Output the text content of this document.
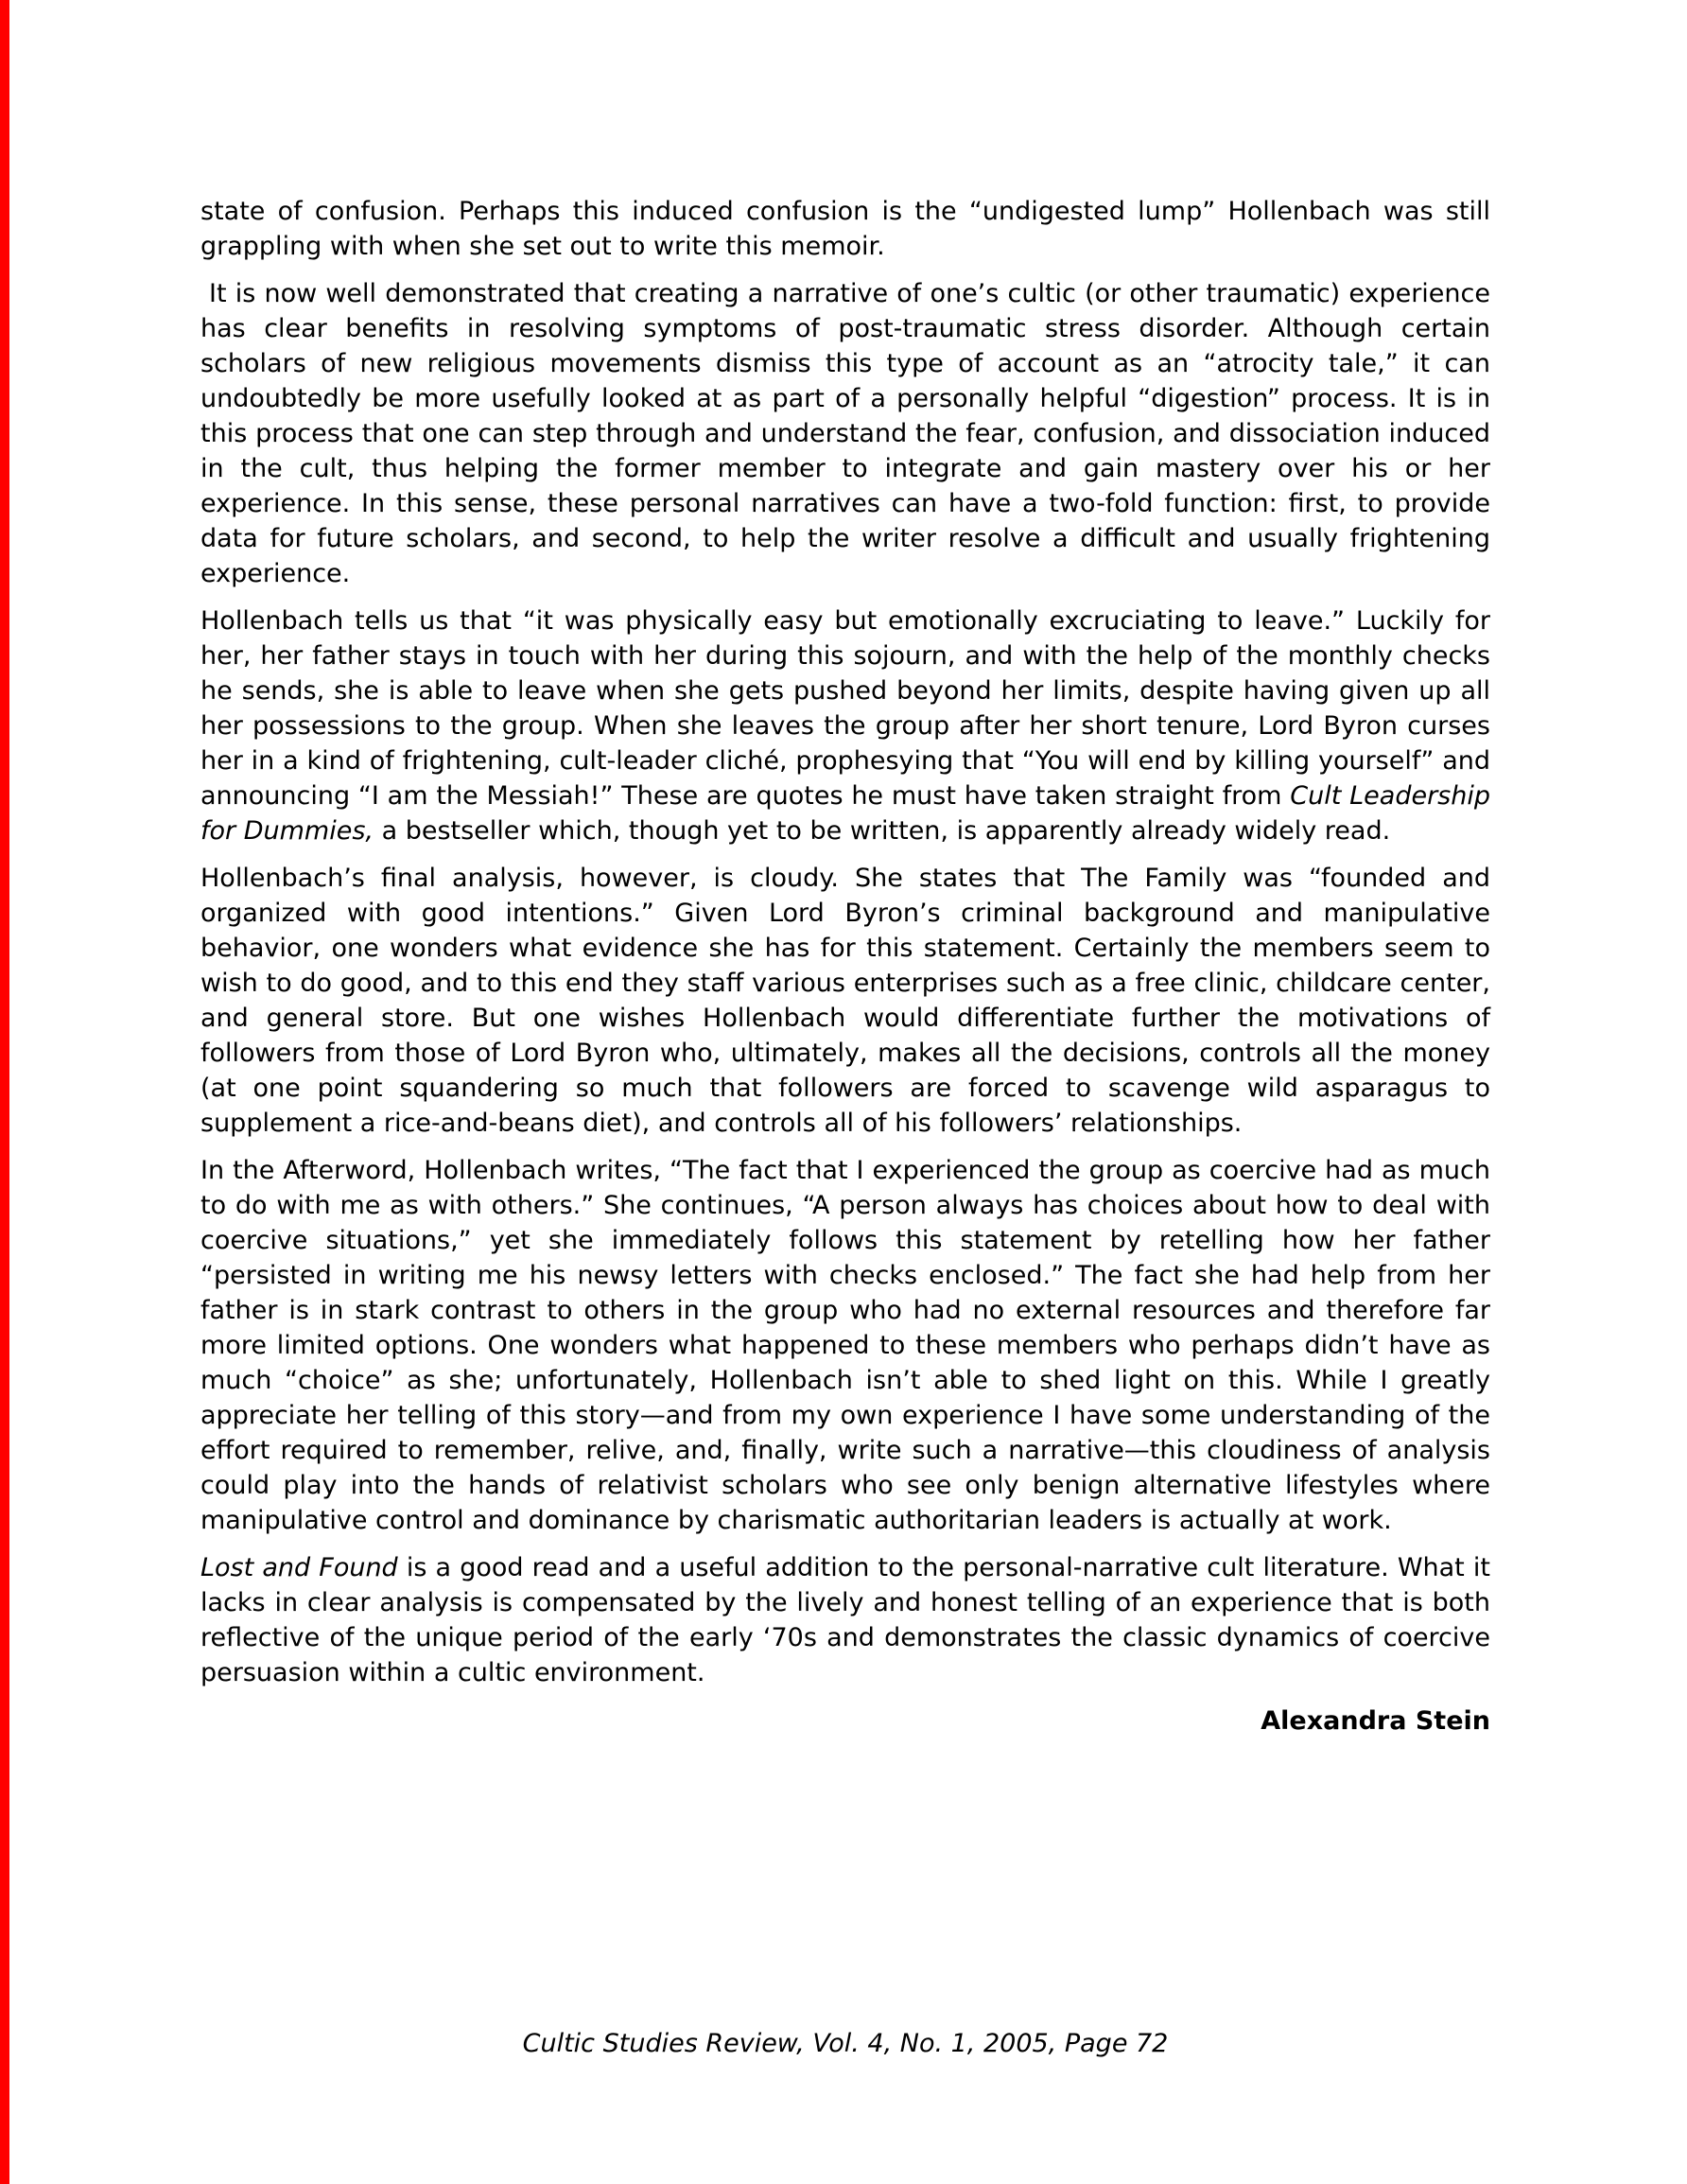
state of confusion. Perhaps this induced confusion is the “undigested lump” Hollenbach was still grappling with when she set out to write this memoir.

It is now well demonstrated that creating a narrative of one’s cultic (or other traumatic) experience has clear benefits in resolving symptoms of post-traumatic stress disorder. Although certain scholars of new religious movements dismiss this type of account as an “atrocity tale,” it can undoubtedly be more usefully looked at as part of a personally helpful “digestion” process. It is in this process that one can step through and understand the fear, confusion, and dissociation induced in the cult, thus helping the former member to integrate and gain mastery over his or her experience. In this sense, these personal narratives can have a two-fold function: first, to provide data for future scholars, and second, to help the writer resolve a difficult and usually frightening experience.

Hollenbach tells us that “it was physically easy but emotionally excruciating to leave.” Luckily for her, her father stays in touch with her during this sojourn, and with the help of the monthly checks he sends, she is able to leave when she gets pushed beyond her limits, despite having given up all her possessions to the group. When she leaves the group after her short tenure, Lord Byron curses her in a kind of frightening, cult-leader cliché, prophesying that “You will end by killing yourself” and announcing “I am the Messiah!” These are quotes he must have taken straight from Cult Leadership for Dummies, a bestseller which, though yet to be written, is apparently already widely read.

Hollenbach’s final analysis, however, is cloudy. She states that The Family was “founded and organized with good intentions.” Given Lord Byron’s criminal background and manipulative behavior, one wonders what evidence she has for this statement. Certainly the members seem to wish to do good, and to this end they staff various enterprises such as a free clinic, childcare center, and general store. But one wishes Hollenbach would differentiate further the motivations of followers from those of Lord Byron who, ultimately, makes all the decisions, controls all the money (at one point squandering so much that followers are forced to scavenge wild asparagus to supplement a rice-and-beans diet), and controls all of his followers’ relationships.

In the Afterword, Hollenbach writes, “The fact that I experienced the group as coercive had as much to do with me as with others.” She continues, “A person always has choices about how to deal with coercive situations,” yet she immediately follows this statement by retelling how her father “persisted in writing me his newsy letters with checks enclosed.” The fact she had help from her father is in stark contrast to others in the group who had no external resources and therefore far more limited options. One wonders what happened to these members who perhaps didn’t have as much “choice” as she; unfortunately, Hollenbach isn’t able to shed light on this. While I greatly appreciate her telling of this story—and from my own experience I have some understanding of the effort required to remember, relive, and, finally, write such a narrative—this cloudiness of analysis could play into the hands of relativist scholars who see only benign alternative lifestyles where manipulative control and dominance by charismatic authoritarian leaders is actually at work.

Lost and Found is a good read and a useful addition to the personal-narrative cult literature. What it lacks in clear analysis is compensated by the lively and honest telling of an experience that is both reflective of the unique period of the early ‘70s and demonstrates the classic dynamics of coercive persuasion within a cultic environment.

Alexandra Stein
Cultic Studies Review, Vol. 4, No. 1, 2005, Page 72
